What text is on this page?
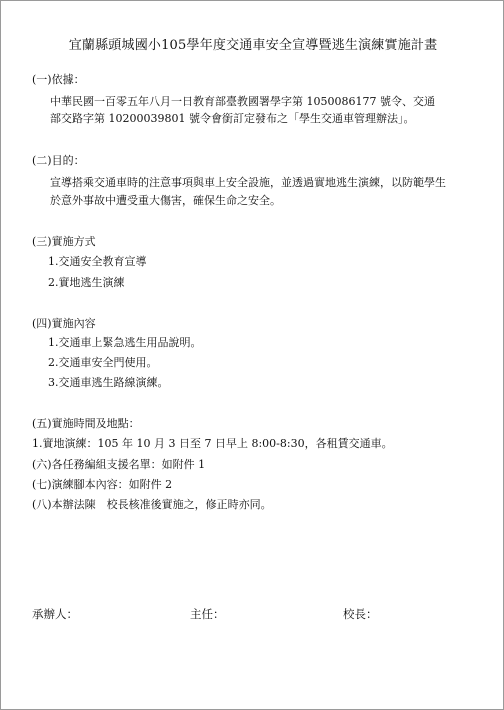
宜蘭縣頭城國小105學年度交通車安全宣導暨逃生演練實施計畫
(一)依據：
中華民國一百零五年八月一日教育部臺教國署學字第 1050086177 號令、交通
部交路字第 10200039801 號令會銜訂定發布之「學生交通車管理辦法」。
(二)目的：
宣導搭乘交通車時的注意事項與車上安全設施，並透過實地逃生演練，以防範學生
於意外事故中遭受重大傷害，確保生命之安全。
(三)實施方式
1.交通安全教育宣導
2.實地逃生演練
(四)實施內容
1.交通車上緊急逃生用品說明。
2.交通車安全門使用。
3.交通車逃生路線演練。
(五)實施時間及地點：
1.實地演練：105 年 10 月 3 日至 7 日早上 8:00-8:30，各租賃交通車。
(六)各任務編組支援名單：如附件 1
(七)演練腳本內容：如附件 2
(八)本辦法陳　校長核准後實施之，修正時亦同。
承辦人：	主任：	校長：
